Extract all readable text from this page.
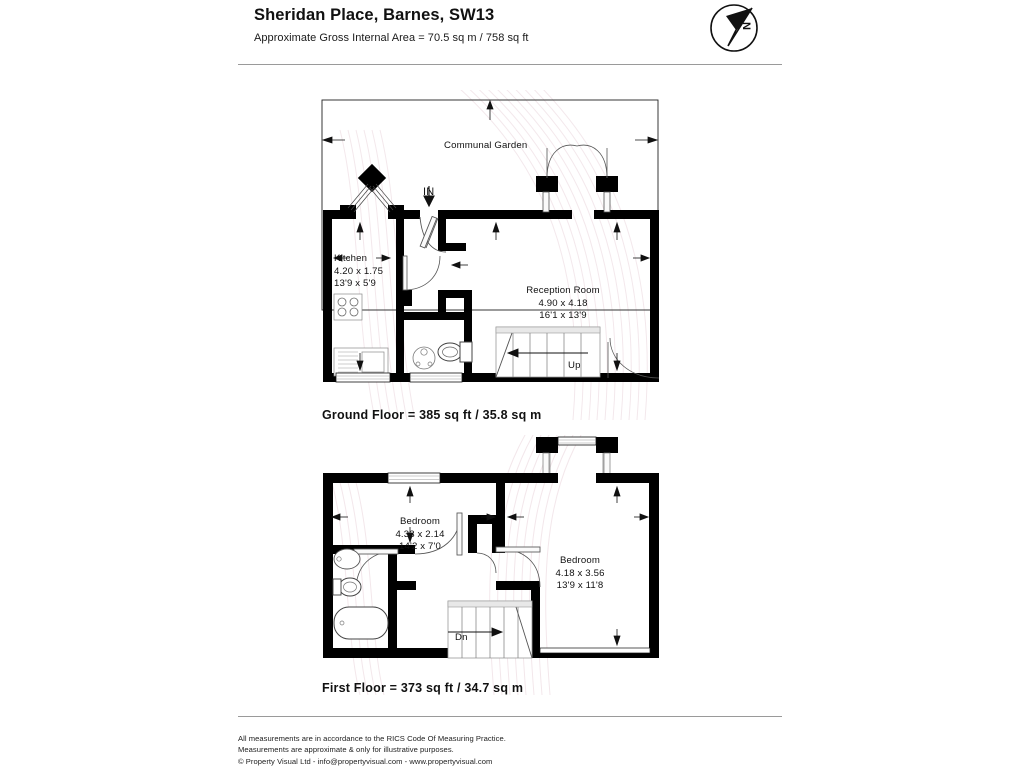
Sheridan Place, Barnes, SW13
Approximate Gross Internal Area = 70.5 sq m / 758 sq ft
N
Kitchen
4.20 x 1.75
13'9 x 5'9
Reception Room
4.90 x 4.18
16'1 x 13'9
Communal Garden
IN
Up
Ground Floor = 385 sq ft / 35.8 sq m
Bedroom
4.33 x 2.14
14'2 x 7'0
Bedroom
4.18 x 3.56
13'9 x 11'8
Dn
First Floor = 373 sq ft / 34.7 sq m
All measurements are in accordance to the RICS Code Of Measuring Practice.
Measurements are approximate & only for illustrative purposes.
© Property Visual Ltd - info@propertyvisual.com - www.propertyvisual.com
